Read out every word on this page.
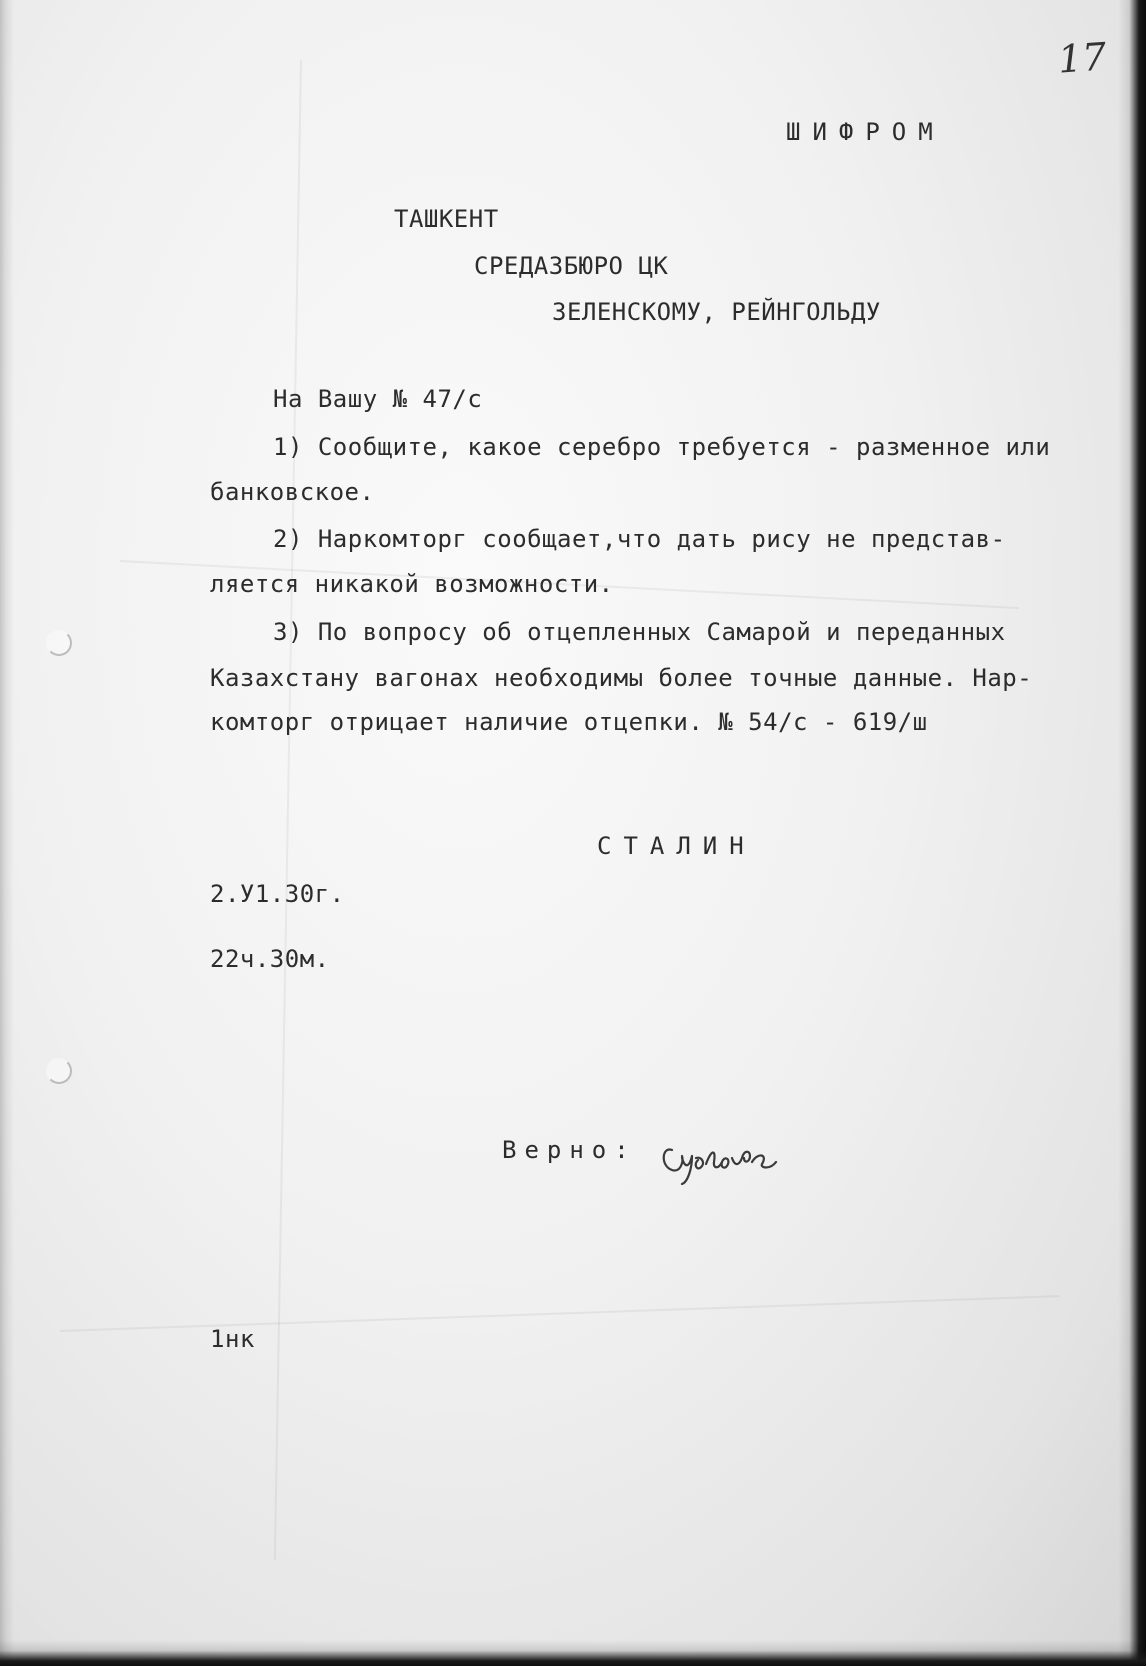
17
ШИФРОМ
ТАШКЕНТ
СРЕДАЗБЮРО ЦК
ЗЕЛЕНСКОМУ, РЕЙНГОЛЬДУ
На Вашу № 47/с
1) Сообщите, какое серебро требуется - разменное или
банковское.
2) Наркомторг сообщает,что дать рису не представ-
ляется никакой возможности.
3) По вопросу об отцепленных Самарой и переданных
Казахстану вагонах необходимы более точные данные. Нар-
комторг отрицает наличие отцепки. № 54/с - 619/ш
СТАЛИН
2.У1.30г.
22ч.30м.
Верно:
1нк
